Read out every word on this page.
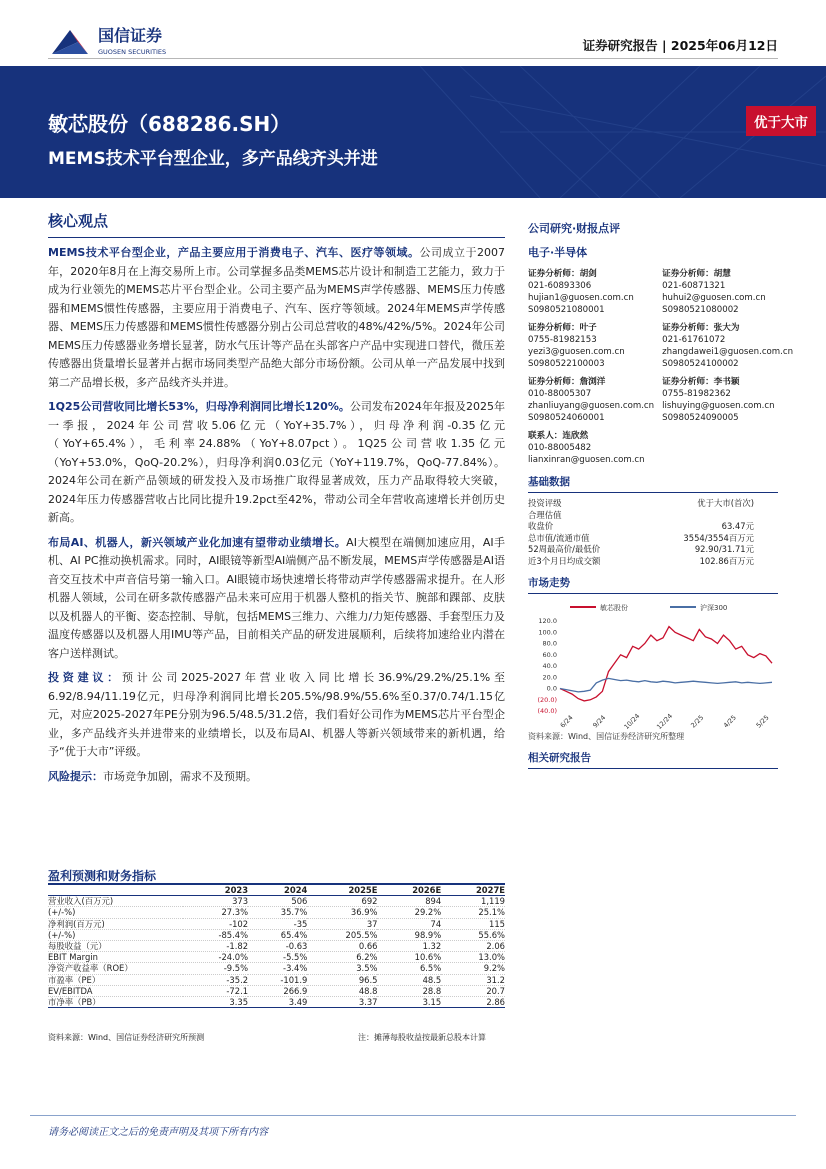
国信证券
GUOSEN SECURITIES	证券研究报告 | 2025年06月12日
敏芯股份（688286.SH）
MEMS技术平台型企业，多产品线齐头并进
优于大市
核心观点

MEMS技术平台型企业，产品主要应用于消费电子、汽车、医疗等领域。公司成立于2007年，2020年8月在上海交易所上市。公司掌握多品类MEMS芯片设计和制造工艺能力，致力于成为行业领先的MEMS芯片平台型企业。公司主要产品为MEMS声学传感器、MEMS压力传感器和MEMS惯性传感器，主要应用于消费电子、汽车、医疗等领域。2024年MEMS声学传感器、MEMS压力传感器和MEMS惯性传感器分别占公司总营收的48%/42%/5%。2024年公司MEMS压力传感器业务增长显著，防水气压计等产品在头部客户产品中实现进口替代，微压差传感器出货量增长显著并占据市场同类型产品绝大部分市场份额。公司从单一产品发展中找到第二产品增长极，多产品线齐头并进。

1Q25公司营收同比增长53%，归母净利润同比增长120%。公司发布2024年年报及2025年一季报，2024年公司营收5.06亿元（YoY+35.7%），归母净利润-0.35亿元（YoY+65.4%），毛利率24.88%（YoY+8.07pct）。1Q25公司营收1.35亿元（YoY+53.0%，QoQ-20.2%），归母净利润0.03亿元（YoY+119.7%，QoQ-77.84%）。2024年公司在新产品领域的研发投入及市场推广取得显著成效，压力产品取得较大突破，2024年压力传感器营收占比同比提升19.2pct至42%，带动公司全年营收高速增长并创历史新高。

布局AI、机器人，新兴领域产业化加速有望带动业绩增长。AI大模型在端侧加速应用，AI手机、AI PC推动换机需求。同时，AI眼镜等新型AI端侧产品不断发展，MEMS声学传感器是AI语音交互技术中声音信号第一输入口。AI眼镜市场快速增长将带动声学传感器需求提升。在人形机器人领域，公司在研多款传感器产品未来可应用于机器人整机的指关节、腕部和踝部、皮肤以及机器人的平衡、姿态控制、导航，包括MEMS三维力、六维力/力矩传感器、手套型压力及温度传感器以及机器人用IMU等产品，目前相关产品的研发进展顺利，后续将加速给业内潜在客户送样测试。

投资建议：预计公司2025-2027年营业收入同比增长36.9%/29.2%/25.1%至6.92/8.94/11.19亿元，归母净利润同比增长205.5%/98.9%/55.6%至0.37/0.74/1.15亿元，对应2025-2027年PE分别为96.5/48.5/31.2倍，我们看好公司作为MEMS芯片平台型企业，多产品线齐头并进带来的业绩增长，以及布局AI、机器人等新兴领域带来的新机遇，给予“优于大市”评级。

风险提示：市场竞争加剧，需求不及预期。

公司研究·财报点评
电子·半导体
证券分析师：胡剑
021-60893306
hujian1@guosen.com.cn
S0980521080001
证券分析师：胡慧
021-60871321
huhui2@guosen.com.cn
S0980521080002
证券分析师：叶子
0755-81982153
yezi3@guosen.com.cn
S0980522100003
证券分析师：张大为
021-61761072
zhangdawei1@guosen.com.cn
S0980524100002
证券分析师：詹浏洋
010-88005307
zhanliuyang@guosen.com.cn
S0980524060001
证券分析师：李书颖
0755-81982362
lishuying@guosen.com.cn
S0980524090005
联系人：连欣然
010-88005482
lianxinran@guosen.com.cn
基础数据
投资评级	优于大市(首次)
合理估值
收盘价	63.47元
总市值/流通市值	3554/3554百万元
52周最高价/最低价	92.90/31.71元
近3个月日均成交额	102.86百万元
市场走势
敏芯股份	沪深300
120.0
100.0
80.0
60.0
40.0
20.0
0.0
(20.0)
(40.0)
6/24	9/24 10/24 12/24 2/25	4/25	5/25
资料来源：Wind、国信证券经济研究所整理
相关研究报告
盈利预测和财务指标
	2023	2024	2025E	2026E	2027E
营业收入(百万元)	373	506	692	894	1,119
(+/-%)	27.3%	35.7%	36.9%	29.2%	25.1%
净利润(百万元)	-102	-35	37	74	115
(+/-%)	-85.4%	65.4%	205.5%	98.9%	55.6%
每股收益（元）	-1.82	-0.63	0.66	1.32	2.06
EBIT Margin	-24.0%	-5.5%	6.2%	10.6%	13.0%
净资产收益率（ROE）	-9.5%	-3.4%	3.5%	6.5%	9.2%
市盈率（PE）	-35.2	-101.9	96.5	48.5	31.2
EV/EBITDA	-72.1	266.9	48.8	28.8	20.7
市净率（PB）	3.35	3.49	3.37	3.15	2.86
资料来源：Wind、国信证券经济研究所预测	注：摊薄每股收益按最新总股本计算
请务必阅读正文之后的免责声明及其项下所有内容
